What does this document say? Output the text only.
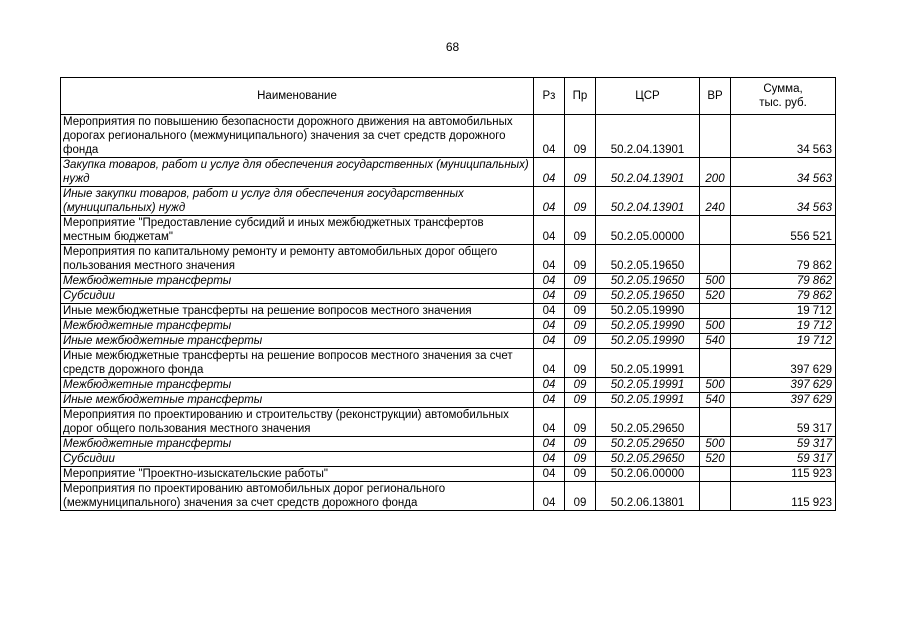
68
Наименование	Рз	Пр	ЦСР	ВР	Сумма,
тыс. руб.
Мероприятия по повышению безопасности дорожного движения на автомобильных дорогах регионального (межмуниципального) значения за счет средств дорожного фонда	04	09	50.2.04.13901		34 563
Закупка товаров, работ и услуг для обеспечения государственных (муниципальных) нужд	04	09	50.2.04.13901	200	34 563
Иные закупки товаров, работ и услуг для обеспечения государственных (муниципальных) нужд	04	09	50.2.04.13901	240	34 563
Мероприятие "Предоставление субсидий и иных межбюджетных трансфертов местным бюджетам"	04	09	50.2.05.00000		556 521
Мероприятия по капитальному ремонту и ремонту автомобильных дорог общего пользования местного значения	04	09	50.2.05.19650		79 862
Межбюджетные трансферты	04	09	50.2.05.19650	500	79 862
Субсидии	04	09	50.2.05.19650	520	79 862
Иные межбюджетные трансферты на решение вопросов местного значения	04	09	50.2.05.19990		19 712
Межбюджетные трансферты	04	09	50.2.05.19990	500	19 712
Иные межбюджетные трансферты	04	09	50.2.05.19990	540	19 712
Иные межбюджетные трансферты на решение вопросов местного значения за счет средств дорожного фонда	04	09	50.2.05.19991		397 629
Межбюджетные трансферты	04	09	50.2.05.19991	500	397 629
Иные межбюджетные трансферты	04	09	50.2.05.19991	540	397 629
Мероприятия по проектированию и строительству (реконструкции) автомобильных дорог общего пользования местного значения	04	09	50.2.05.29650		59 317
Межбюджетные трансферты	04	09	50.2.05.29650	500	59 317
Субсидии	04	09	50.2.05.29650	520	59 317
Мероприятие "Проектно-изыскательские работы"	04	09	50.2.06.00000		115 923
Мероприятия по проектированию автомобильных дорог регионального (межмуниципального) значения за счет средств дорожного фонда	04	09	50.2.06.13801		115 923
